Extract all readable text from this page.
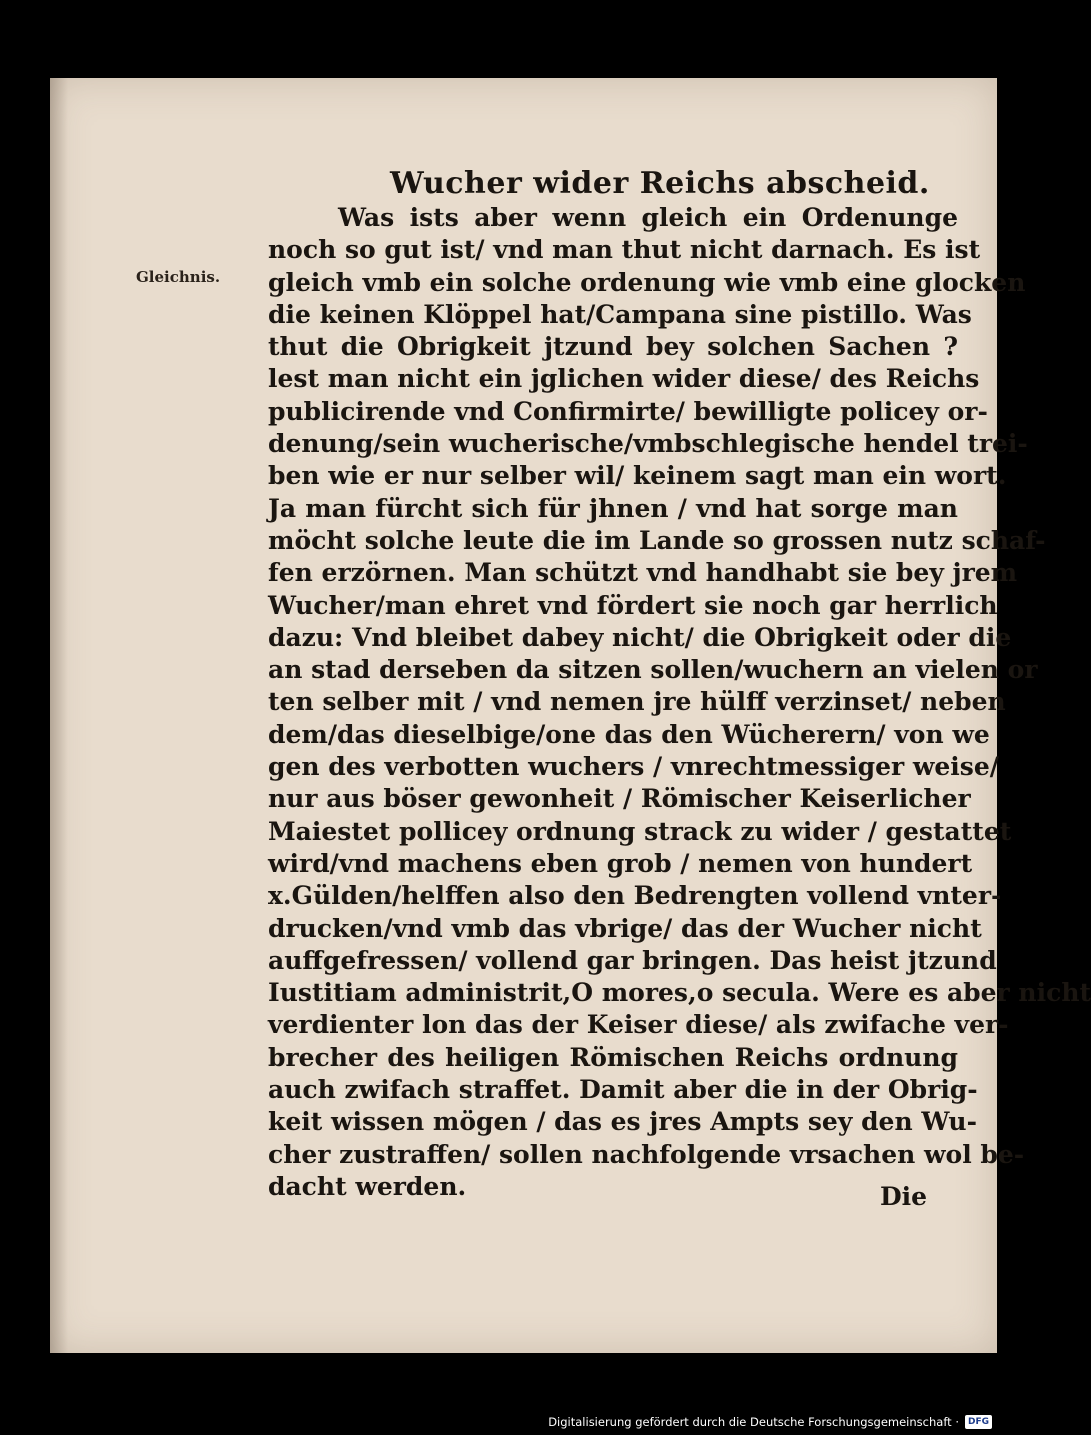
Wucher wider Reichs abscheid.
Gleichnis.
Was ists aber wenn gleich ein Ordenunge
noch so gut ist/ vnd man thut nicht darnach. Es ist
gleich vmb ein solche ordenung wie vmb eine glocken
die keinen Klöppel hat/Campana sine pistillo. Was
thut die Obrigkeit jtzund bey solchen Sachen ?
lest man nicht ein jglichen wider diese/ des Reichs
publicirende vnd Confirmirte/ bewilligte policey or-
denung/sein wucherische/vmbschlegische hendel trei-
ben wie er nur selber wil/ keinem sagt man ein wort.
Ja man fürcht sich für jhnen / vnd hat sorge man
möcht solche leute die im Lande so grossen nutz schaf-
fen erzörnen. Man schützt vnd handhabt sie bey jrem
Wucher/man ehret vnd fördert sie noch gar herrlich
dazu: Vnd bleibet dabey nicht/ die Obrigkeit oder die
an stad derseben da sitzen sollen/wuchern an vielen or
ten selber mit / vnd nemen jre hülff verzinset/ neben
dem/das dieselbige/one das den Wücherern/ von we
gen des verbotten wuchers / vnrechtmessiger weise/
nur aus böser gewonheit / Römischer Keiserlicher
Maiestet pollicey ordnung strack zu wider / gestattet
wird/vnd machens eben grob / nemen von hundert
x.Gülden/helffen also den Bedrengten vollend vnter-
drucken/vnd vmb das vbrige/ das der Wucher nicht
auffgefressen/ vollend gar bringen. Das heist jtzund
Iustitiam administrit,O mores,o secula. Were es aber nicht
verdienter lon das der Keiser diese/ als zwifache ver-
brecher des heiligen Römischen Reichs ordnung
auch zwifach straffet. Damit aber die in der Obrig-
keit wissen mögen / das es jres Ampts sey den Wu-
cher zustraffen/ sollen nachfolgende vrsachen wol be-
dacht werden.	Die
Digitalisierung gefördert durch die Deutsche Forschungsgemeinschaft ·	DFG
